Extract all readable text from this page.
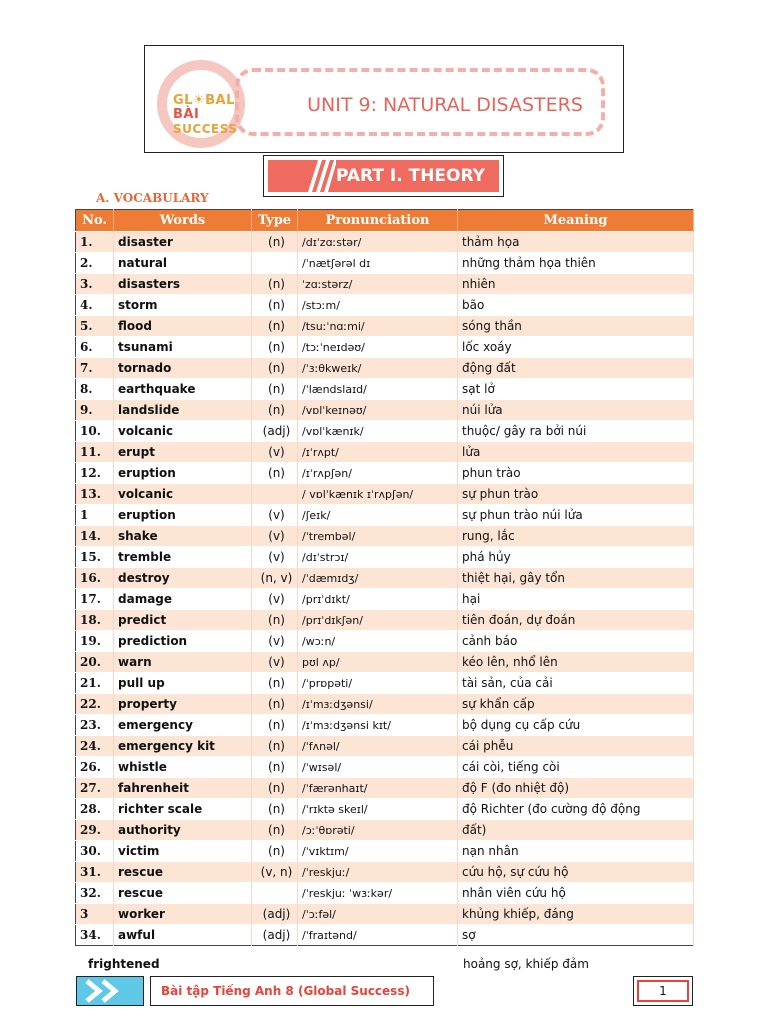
GL☀BAL BÀI
SUCCESS
UNIT 9: NATURAL DISASTERS
PART I. THEORY
A. VOCABULARY
No.	Words	Type	Pronunciation	Meaning
1.	disaster	(n)	/dɪˈzɑːstər/	thảm họa
2.	natural		/ˈnætʃərəl dɪ	những thảm họa thiên
3.	disasters	(n)	ˈzɑːstərz/	nhiên
4.	storm	(n)	/stɔːm/	bão
5.	flood	(n)	/tsuːˈnɑːmi/	sóng thần
6.	tsunami	(n)	/tɔːˈneɪdəʊ/	lốc xoáy
7.	tornado	(n)	/ˈɜːθkweɪk/	động đất
8.	earthquake	(n)	/ˈlændslaɪd/	sạt lở
9.	landslide	(n)	/vɒlˈkeɪnəʊ/	núi lửa
10.	volcanic	(adj)	/vɒlˈkænɪk/	thuộc/ gây ra bởi núi
11.	erupt	(v)	/ɪˈrʌpt/	lửa
12.	eruption	(n)	/ɪˈrʌpʃən/	phun trào
13.	volcanic		/ vɒlˈkænɪk ɪˈrʌpʃən/	sự phun trào
1	eruption	(v)	/ʃeɪk/	sự phun trào núi lửa
14.	shake	(v)	/ˈtrembəl/	rung, lắc
15.	tremble	(v)	/dɪˈstrɔɪ/	phá hủy
16.	destroy	(n, v)	/ˈdæmɪdʒ/	thiệt hại, gây tổn
17.	damage	(v)	/prɪˈdɪkt/	hại
18.	predict	(n)	/prɪˈdɪkʃən/	tiên đoán, dự đoán
19.	prediction	(v)	/wɔːn/	cảnh báo
20.	warn	(v)	pʊl ʌp/	kéo lên, nhổ lên
21.	pull up	(n)	/ˈprɒpəti/	tài sản, của cải
22.	property	(n)	/ɪˈmɜːdʒənsi/	sự khẩn cấp
23.	emergency	(n)	/ɪˈmɜːdʒənsi kɪt/	bộ dụng cụ cấp cứu
24.	emergency kit	(n)	/ˈfʌnəl/	cái phễu
26.	whistle	(n)	/ˈwɪsəl/	cái còi, tiếng còi
27.	fahrenheit	(n)	/ˈfærənhaɪt/	độ F (đo nhiệt độ)
28.	richter scale	(n)	/ˈrɪktə skeɪl/	độ Richter (đo cường độ động
29.	authority	(n)	/ɔːˈθɒrəti/	đất)
30.	victim	(n)	/ˈvɪktɪm/	nạn nhân
31.	rescue	(v, n)	/ˈreskjuː/	cứu hộ, sự cứu hộ
32.	rescue		/ˈreskjuː ˈwɜːkər/	nhân viên cứu hộ
3	worker	(adj)	/ˈɔːfəl/	khủng khiếp, đáng
34.	awful	(adj)	/ˈfraɪtənd/	sợ
frightened	hoảng sợ, khiếp đảm
Bài tập Tiếng Anh 8 (Global Success)	1
